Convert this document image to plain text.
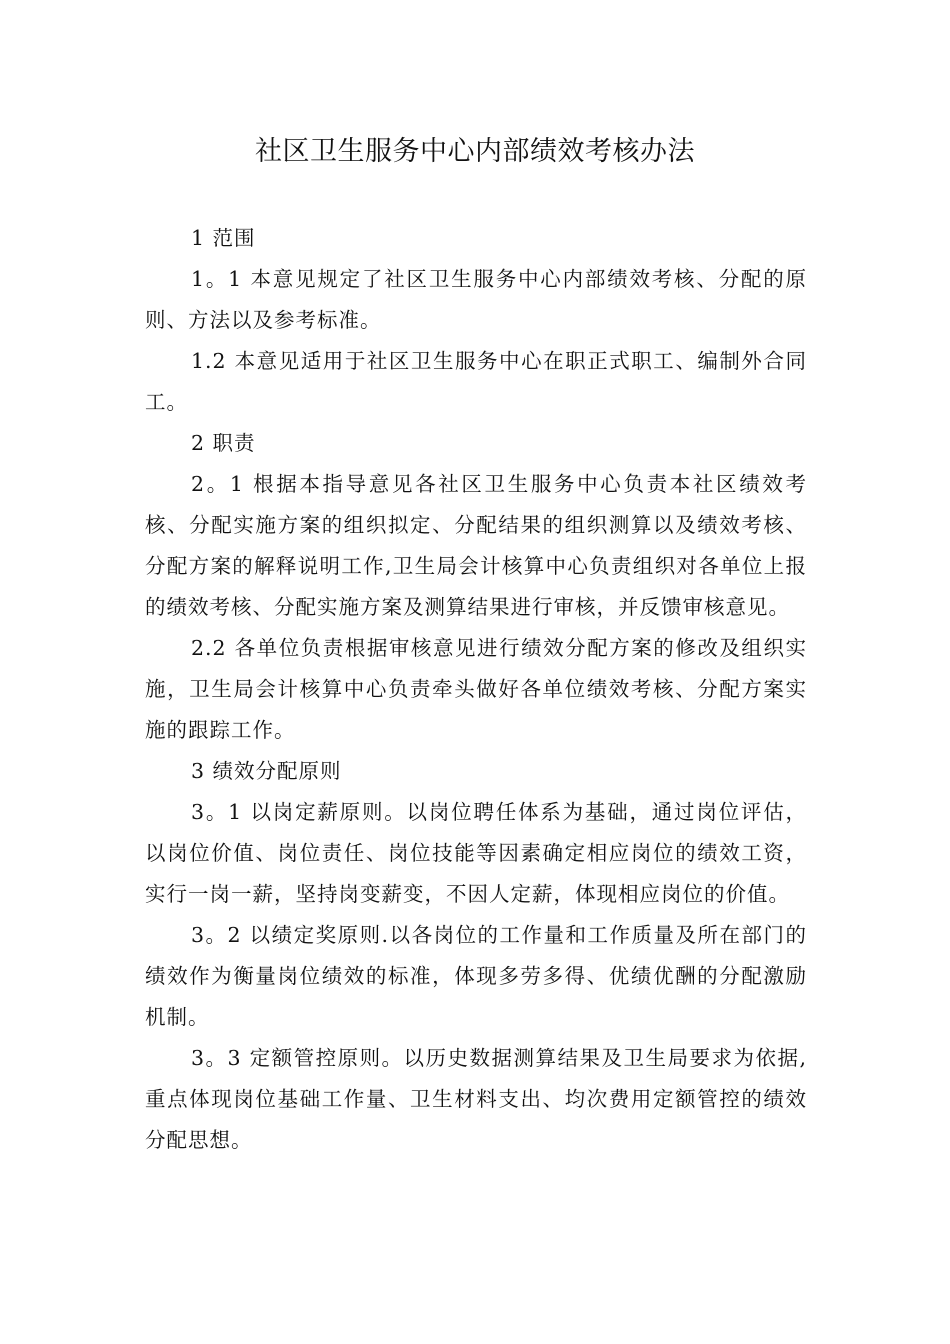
社区卫生服务中心内部绩效考核办法

1 范围

1。1 本意见规定了社区卫生服务中心内部绩效考核、分配的原则、方法以及参考标准。

1.2 本意见适用于社区卫生服务中心在职正式职工、编制外合同工。

2 职责

2。1 根据本指导意见各社区卫生服务中心负责本社区绩效考核、分配实施方案的组织拟定、分配结果的组织测算以及绩效考核、分配方案的解释说明工作,卫生局会计核算中心负责组织对各单位上报的绩效考核、分配实施方案及测算结果进行审核，并反馈审核意见。

2.2 各单位负责根据审核意见进行绩效分配方案的修改及组织实施，卫生局会计核算中心负责牵头做好各单位绩效考核、分配方案实施的跟踪工作。

3 绩效分配原则

3。1 以岗定薪原则。以岗位聘任体系为基础，通过岗位评估，以岗位价值、岗位责任、岗位技能等因素确定相应岗位的绩效工资，实行一岗一薪，坚持岗变薪变，不因人定薪，体现相应岗位的价值。

3。2 以绩定奖原则.以各岗位的工作量和工作质量及所在部门的绩效作为衡量岗位绩效的标准，体现多劳多得、优绩优酬的分配激励机制。

3。3 定额管控原则。以历史数据测算结果及卫生局要求为依据,重点体现岗位基础工作量、卫生材料支出、均次费用定额管控的绩效分配思想。
